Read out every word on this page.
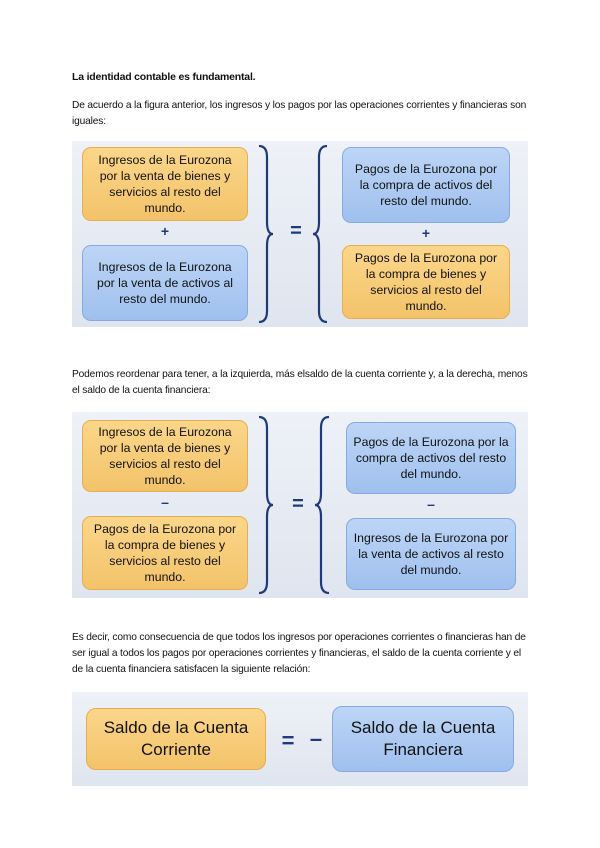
La identidad contable es fundamental.
De acuerdo a la figura anterior, los ingresos y los pagos por las operaciones corrientes y financieras son iguales:
Ingresos de la Eurozona por la venta de bienes y servicios al resto del mundo.
+
Ingresos de la Eurozona por la venta de activos al resto del mundo.
=
Pagos de la Eurozona por la compra de activos del resto del mundo.
+
Pagos de la Eurozona por la compra de bienes y servicios al resto del mundo.
Podemos reordenar para tener, a la izquierda, más elsaldo de la cuenta corriente y, a la derecha, menos el saldo de la cuenta financiera:
Ingresos de la Eurozona por la venta de bienes y servicios al resto del mundo.
–
Pagos de la Eurozona por la compra de bienes y servicios al resto del mundo.
=
Pagos de la Eurozona por la compra de activos del resto del mundo.
–
Ingresos de la Eurozona por la venta de activos al resto del mundo.
Es decir, como consecuencia de que todos los ingresos por operaciones corrientes o financieras han de ser igual a todos los pagos por operaciones corrientes y financieras, el saldo de la cuenta corriente y el de la cuenta financiera satisfacen la siguiente relación:
Saldo de la Cuenta Corriente	= –	Saldo de la Cuenta Financiera
